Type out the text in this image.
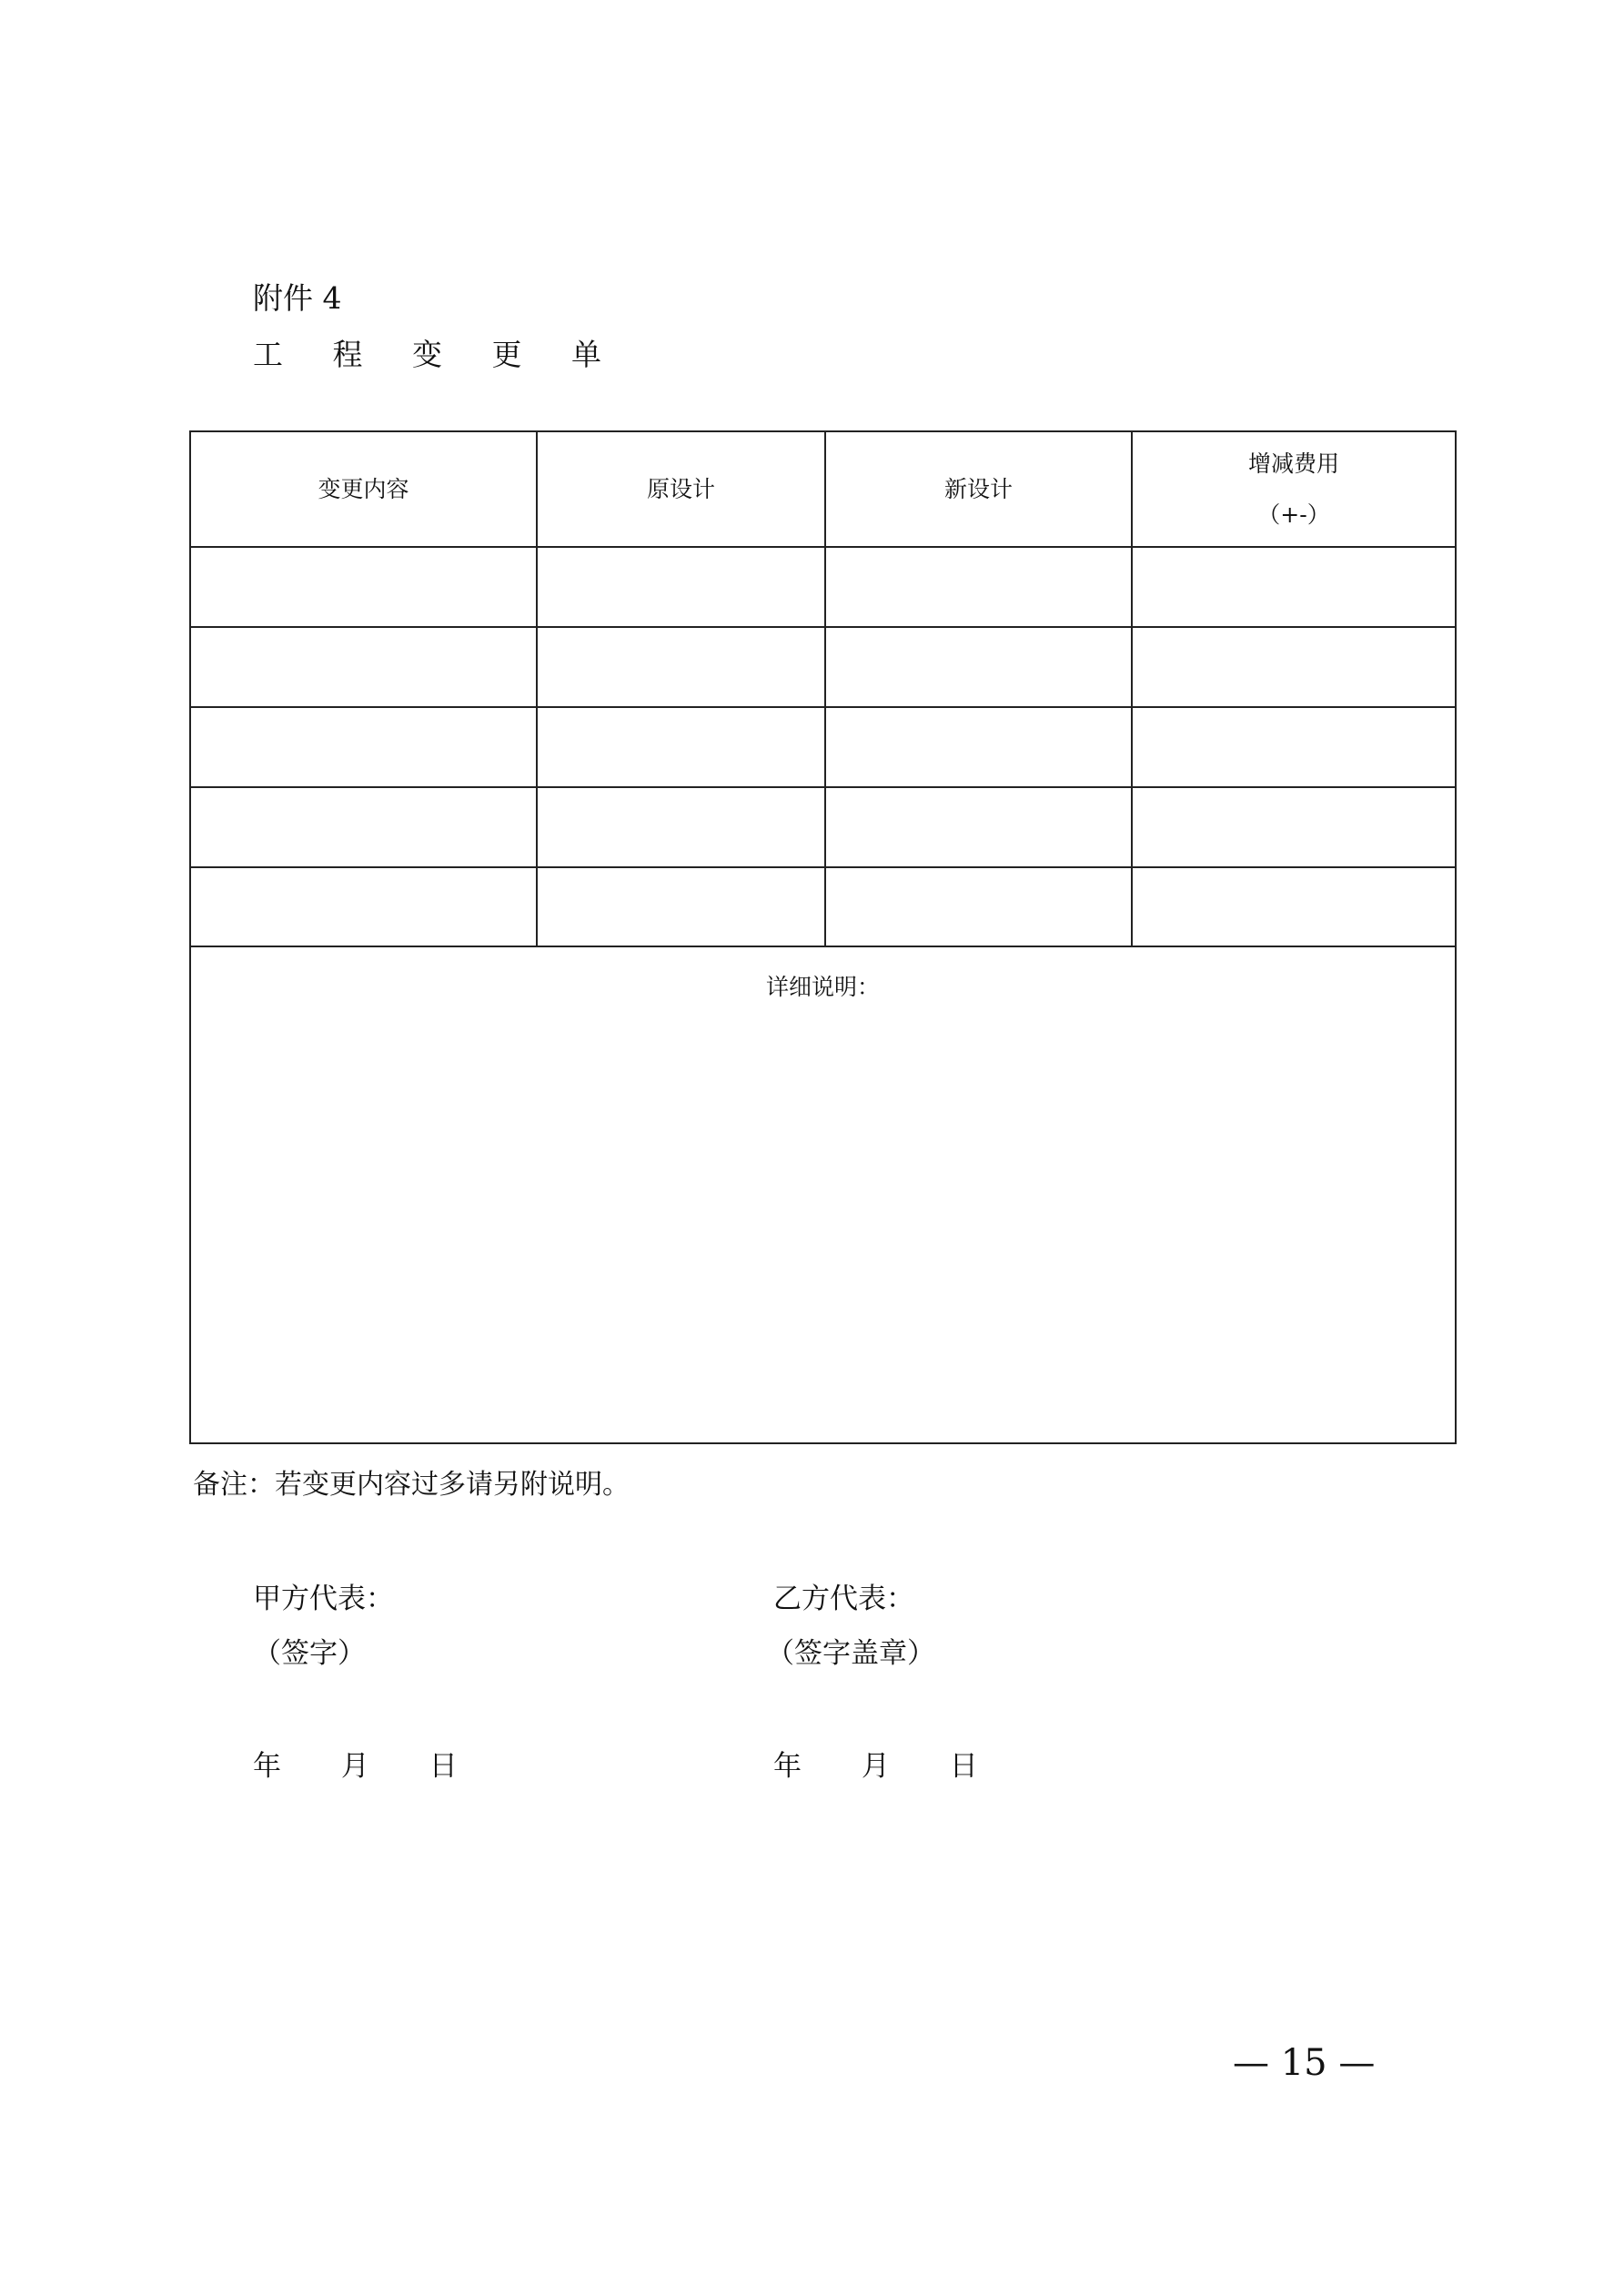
附件 4
工 程 变 更 单
变更内容	原设计	新设计
增减费用
（+-）
详细说明：
备注：若变更内容过多请另附说明。
甲方代表：
（签字）
年 月 日
乙方代表：
（签字盖章）
年 月 日
— 15 —
